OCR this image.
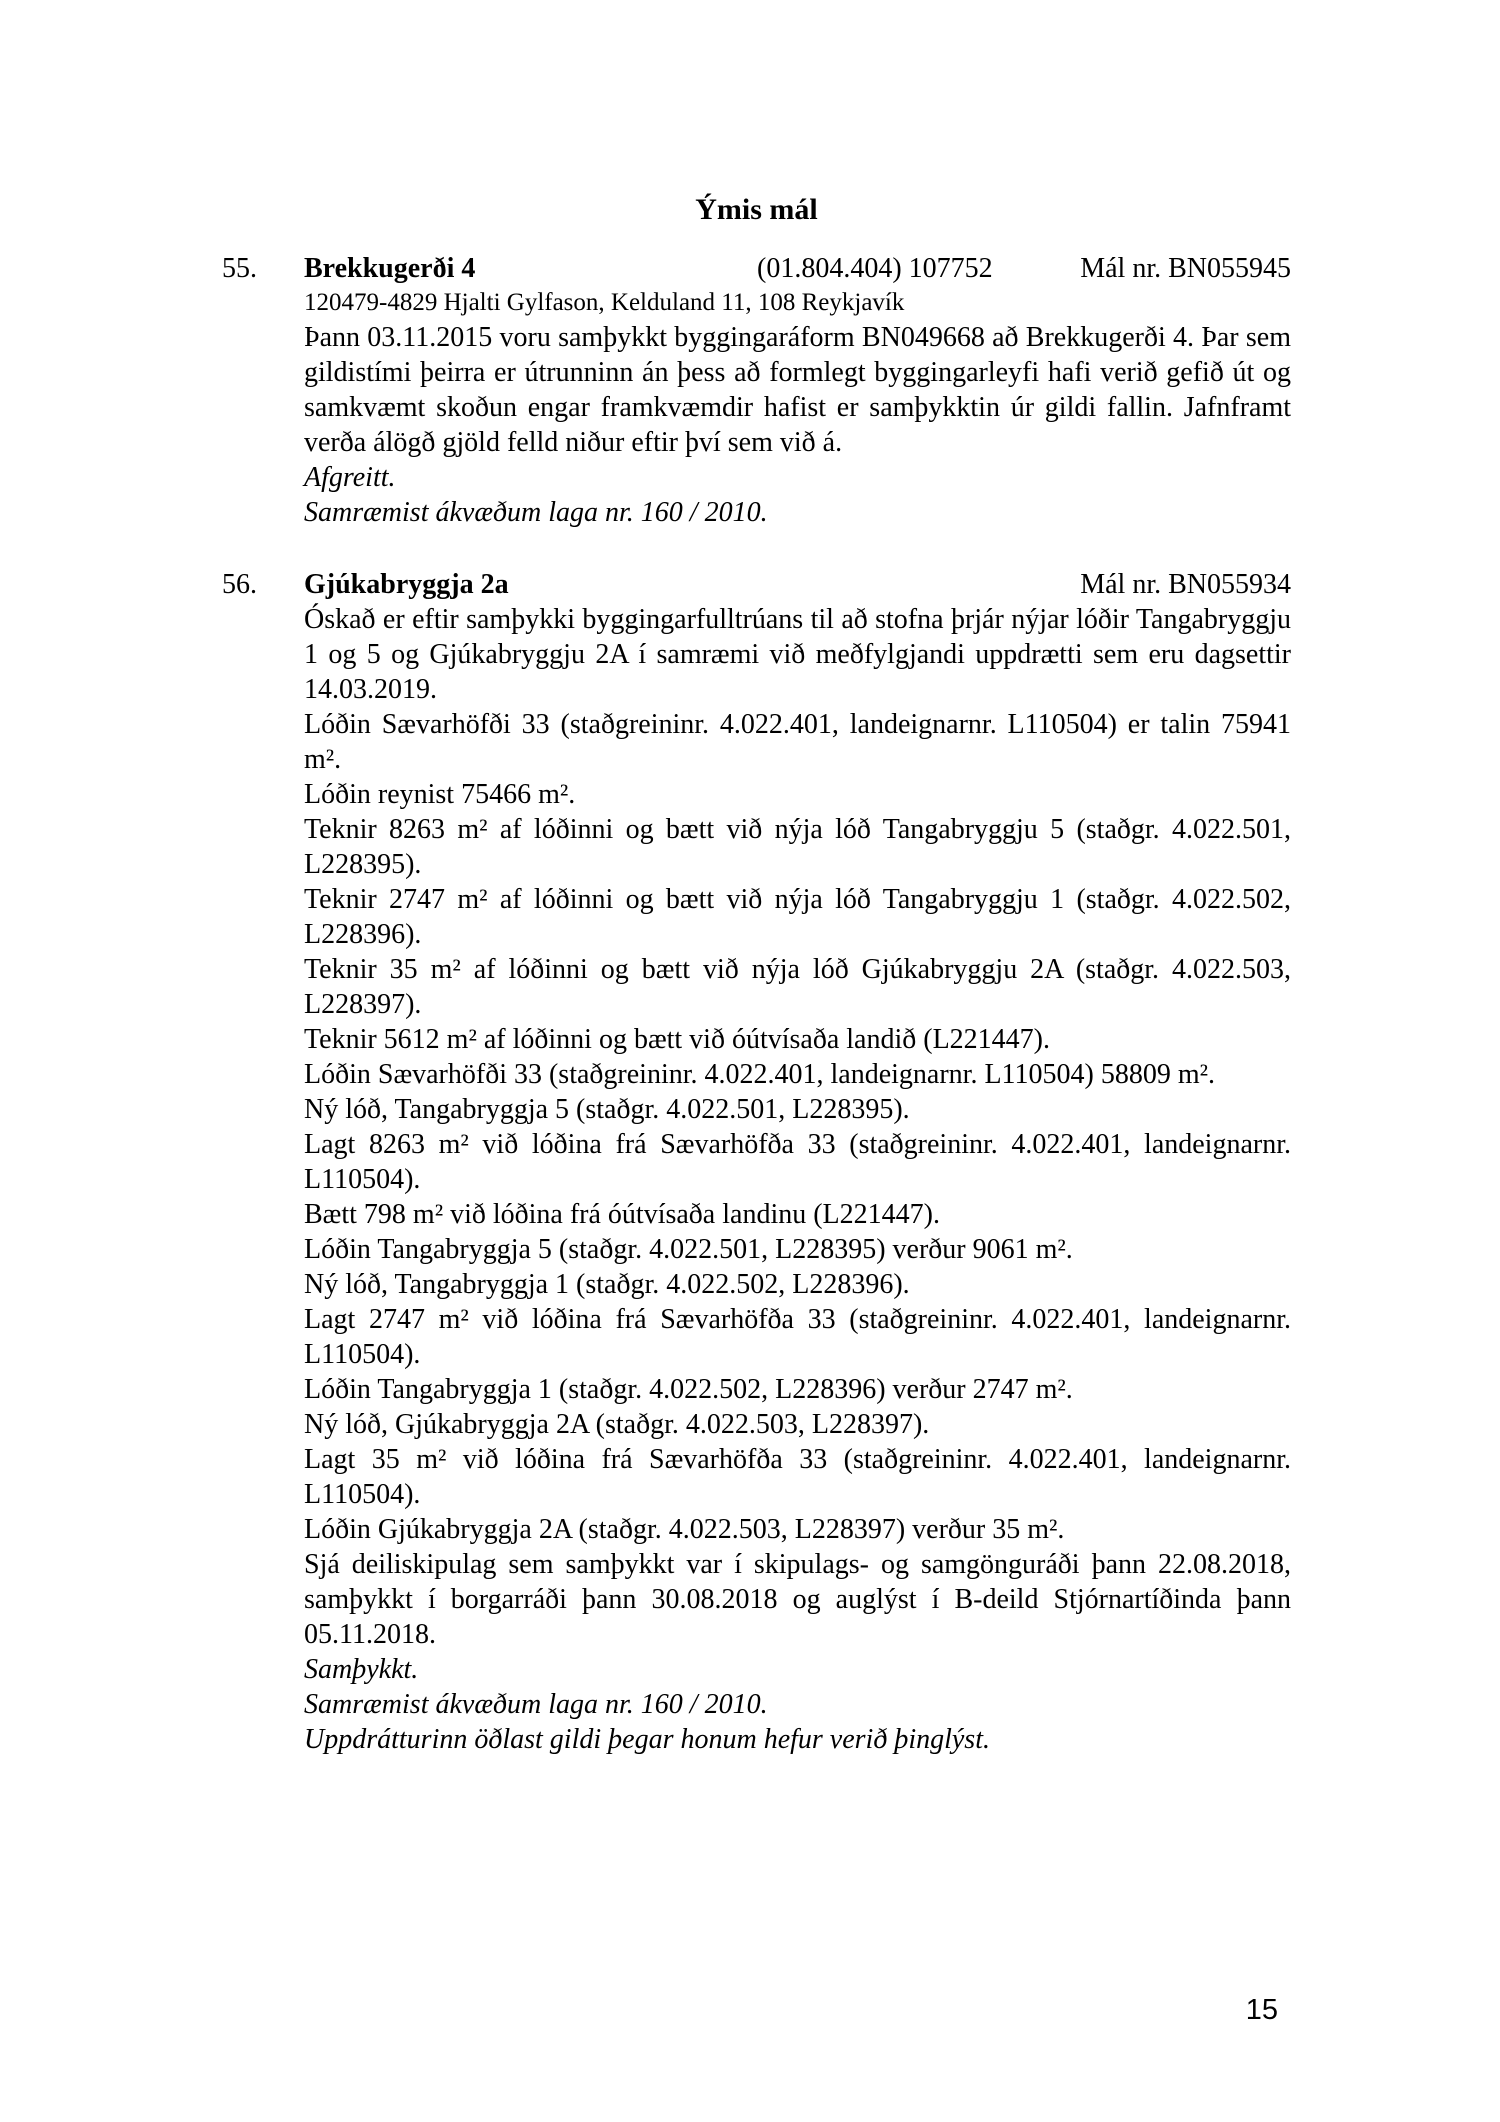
Ýmis mál
55. Brekkugerði 4	(01.804.404) 107752	Mál nr. BN055945

120479-4829 Hjalti Gylfason, Kelduland 11, 108 Reykjavík

Þann 03.11.2015 voru samþykkt byggingaráform BN049668 að Brekkugerði 4. Þar sem gildistími þeirra er útrunninn án þess að formlegt byggingarleyfi hafi verið gefið út og samkvæmt skoðun engar framkvæmdir hafist er samþykktin úr gildi fallin. Jafnframt verða álögð gjöld felld niður eftir því sem við á.

Afgreitt.

Samræmist ákvæðum laga nr. 160 / 2010.

56. Gjúkabryggja 2a	Mál nr. BN055934

Óskað er eftir samþykki byggingarfulltrúans til að stofna þrjár nýjar lóðir Tangabryggju 1 og 5 og Gjúkabryggju 2A í samræmi við meðfylgjandi uppdrætti sem eru dagsettir 14.03.2019.

Lóðin Sævarhöfði 33 (staðgreininr. 4.022.401, landeignarnr. L110504) er talin 75941 m².

Lóðin reynist 75466 m².

Teknir 8263 m² af lóðinni og bætt við nýja lóð Tangabryggju 5 (staðgr. 4.022.501, L228395).

Teknir 2747 m² af lóðinni og bætt við nýja lóð Tangabryggju 1 (staðgr. 4.022.502, L228396).

Teknir 35 m² af lóðinni og bætt við nýja lóð Gjúkabryggju 2A (staðgr. 4.022.503, L228397).

Teknir 5612 m² af lóðinni og bætt við óútvísaða landið (L221447).

Lóðin Sævarhöfði 33 (staðgreininr. 4.022.401, landeignarnr. L110504) 58809 m².

Ný lóð, Tangabryggja 5 (staðgr. 4.022.501, L228395).

Lagt 8263 m² við lóðina frá Sævarhöfða 33 (staðgreininr. 4.022.401, landeignarnr. L110504).

Bætt 798 m² við lóðina frá óútvísaða landinu (L221447).

Lóðin Tangabryggja 5 (staðgr. 4.022.501, L228395) verður 9061 m².

Ný lóð, Tangabryggja 1 (staðgr. 4.022.502, L228396).

Lagt 2747 m² við lóðina frá Sævarhöfða 33 (staðgreininr. 4.022.401, landeignarnr. L110504).

Lóðin Tangabryggja 1 (staðgr. 4.022.502, L228396) verður 2747 m².

Ný lóð, Gjúkabryggja 2A (staðgr. 4.022.503, L228397).

Lagt 35 m² við lóðina frá Sævarhöfða 33 (staðgreininr. 4.022.401, landeignarnr. L110504).

Lóðin Gjúkabryggja 2A (staðgr. 4.022.503, L228397) verður 35 m².

Sjá deiliskipulag sem samþykkt var í skipulags- og samgönguráði þann 22.08.2018, samþykkt í borgarráði þann 30.08.2018 og auglýst í B-deild Stjórnartíðinda þann 05.11.2018.

Samþykkt.

Samræmist ákvæðum laga nr. 160 / 2010.

Uppdrátturinn öðlast gildi þegar honum hefur verið þinglýst.

15
